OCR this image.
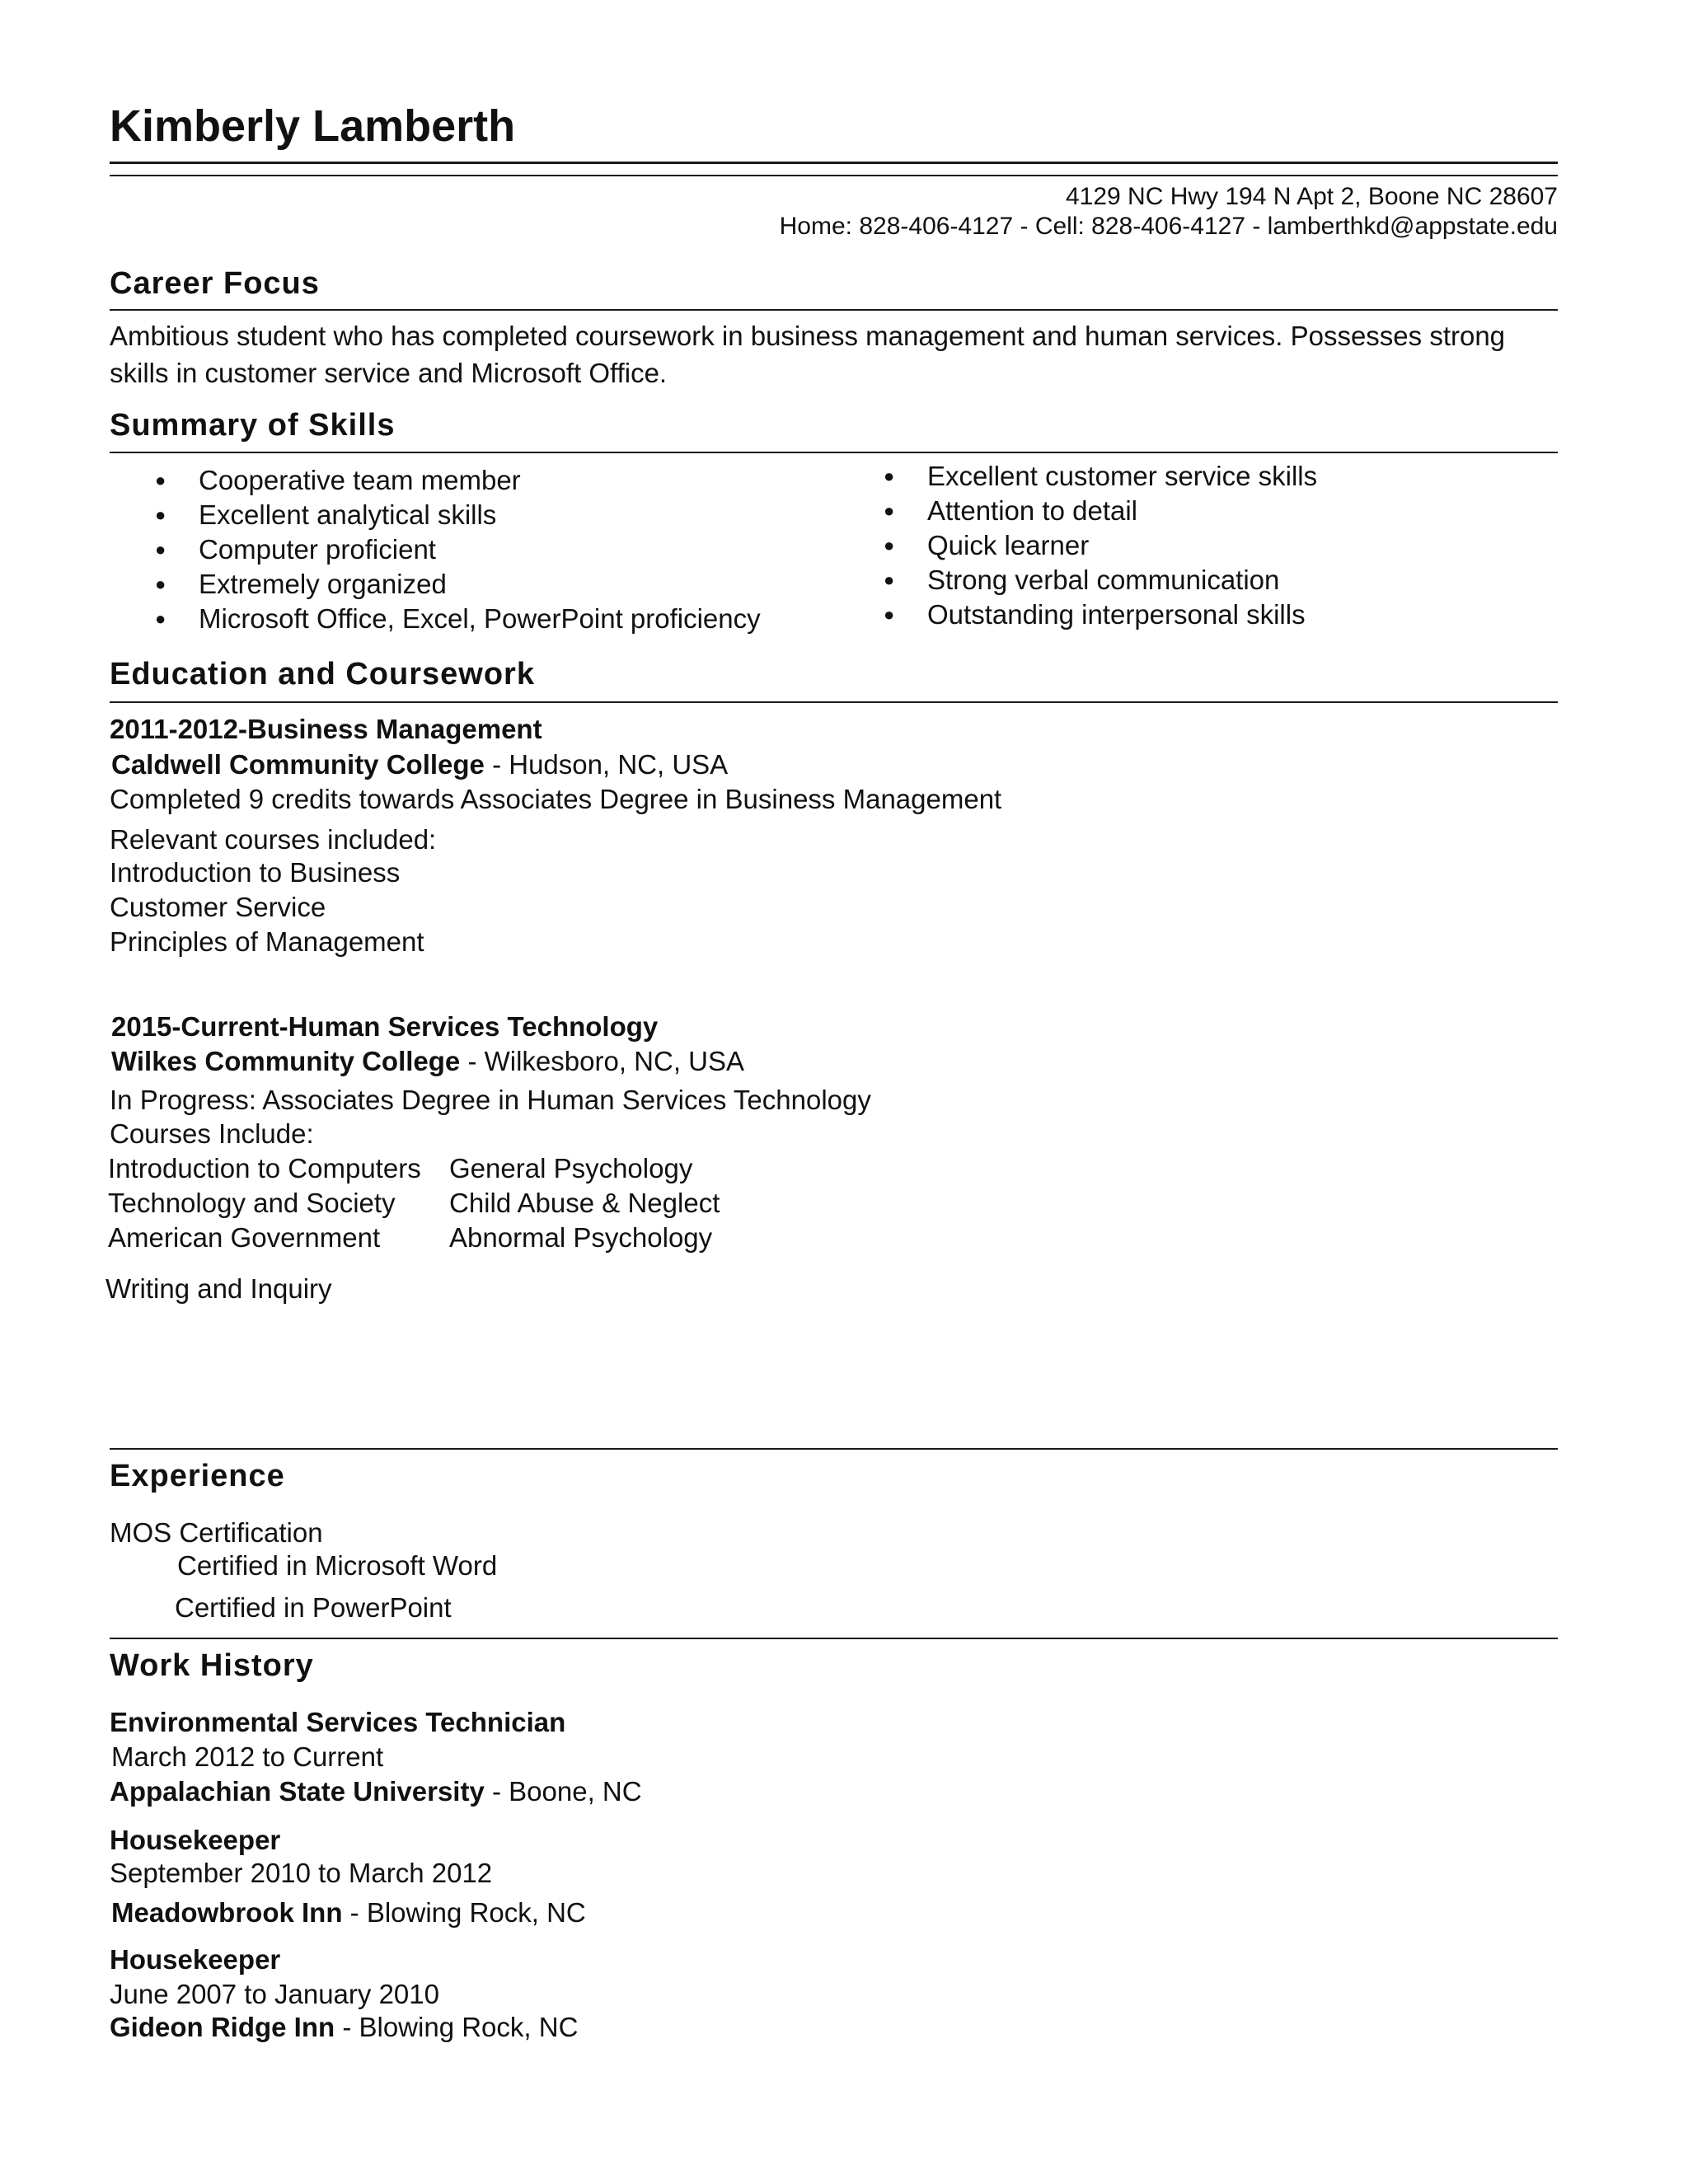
Kimberly Lamberth
4129 NC Hwy 194 N Apt 2, Boone NC 28607
Home: 828-406-4127 - Cell: 828-406-4127 - lamberthkd@appstate.edu
Career Focus
Ambitious student who has completed coursework in business management and human services. Possesses strong
skills in customer service and Microsoft Office.
Summary of Skills
● Cooperative team member
● Excellent analytical skills
● Computer proficient
● Extremely organized
● Microsoft Office, Excel, PowerPoint proficiency
● Excellent customer service skills
● Attention to detail
● Quick learner
● Strong verbal communication
● Outstanding interpersonal skills
Education and Coursework
2011-2012-Business Management
Caldwell Community College - Hudson, NC, USA
Completed 9 credits towards Associates Degree in Business Management
Relevant courses included:
Introduction to Business
Customer Service
Principles of Management
2015-Current-Human Services Technology
Wilkes Community College - Wilkesboro, NC, USA
In Progress: Associates Degree in Human Services Technology
Courses Include:
Introduction to Computers
Technology and Society
American Government
General Psychology
Child Abuse & Neglect
Abnormal Psychology
Writing and Inquiry
Experience
MOS Certification
Certified in Microsoft Word
Certified in PowerPoint
Work History
Environmental Services Technician
March 2012 to Current
Appalachian State University - Boone, NC
Housekeeper
September 2010 to March 2012
Meadowbrook Inn - Blowing Rock, NC
Housekeeper
June 2007 to January 2010
Gideon Ridge Inn - Blowing Rock, NC
